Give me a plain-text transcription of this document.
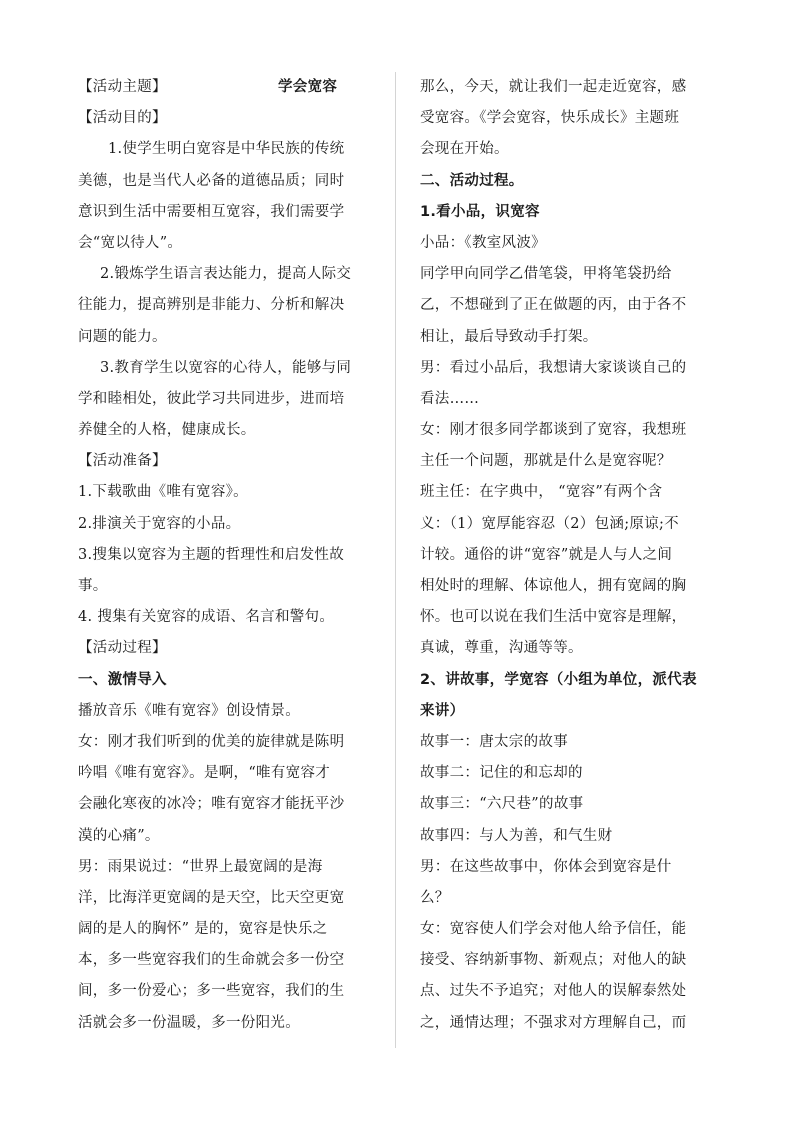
【活动主题】	学会宽容
【活动目的】
1.使学生明白宽容是中华民族的传统
美德，也是当代人必备的道德品质；同时
意识到生活中需要相互宽容，我们需要学
会“宽以待人”。
2.锻炼学生语言表达能力，提高人际交
往能力，提高辨别是非能力、分析和解决
问题的能力。
3.教育学生以宽容的心待人，能够与同
学和睦相处，彼此学习共同进步，进而培
养健全的人格，健康成长。
【活动准备】
1.下载歌曲《唯有宽容》。
2.排演关于宽容的小品。
3.搜集以宽容为主题的哲理性和启发性故
事。
4. 搜集有关宽容的成语、名言和警句。
【活动过程】
一、激情导入
播放音乐《唯有宽容》创设情景。
女：刚才我们听到的优美的旋律就是陈明
吟唱《唯有宽容》。是啊，“唯有宽容才
会融化寒夜的冰冷；唯有宽容才能抚平沙
漠的心痛”。
男：雨果说过：“世界上最宽阔的是海
洋，比海洋更宽阔的是天空，比天空更宽
阔的是人的胸怀” 是的，宽容是快乐之
本，多一些宽容我们的生命就会多一份空
间，多一份爱心；多一些宽容，我们的生
活就会多一份温暖，多一份阳光。
那么，今天，就让我们一起走近宽容，感
受宽容。《学会宽容，快乐成长》主题班
会现在开始。
二、活动过程。
1.看小品，识宽容
小品：《教室风波》
同学甲向同学乙借笔袋，甲将笔袋扔给
乙，不想碰到了正在做题的丙，由于各不
相让，最后导致动手打架。
男：看过小品后，我想请大家谈谈自己的
看法……
女：刚才很多同学都谈到了宽容，我想班
主任一个问题，那就是什么是宽容呢？
班主任：在字典中， “宽容”有两个含
义：（1）宽厚能容忍（2）包涵;原谅;不
计较。通俗的讲“宽容”就是人与人之间
相处时的理解、体谅他人，拥有宽阔的胸
怀。也可以说在我们生活中宽容是理解，
真诚，尊重，沟通等等。
2、讲故事，学宽容（小组为单位，派代表
来讲）
故事一：唐太宗的故事
故事二：记住的和忘却的
故事三：“六尺巷”的故事
故事四：与人为善，和气生财
男：在这些故事中，你体会到宽容是什
么？
女：宽容使人们学会对他人给予信任，能
接受、容纳新事物、新观点；对他人的缺
点、过失不予追究；对他人的误解泰然处
之，通情达理；不强求对方理解自己，而
